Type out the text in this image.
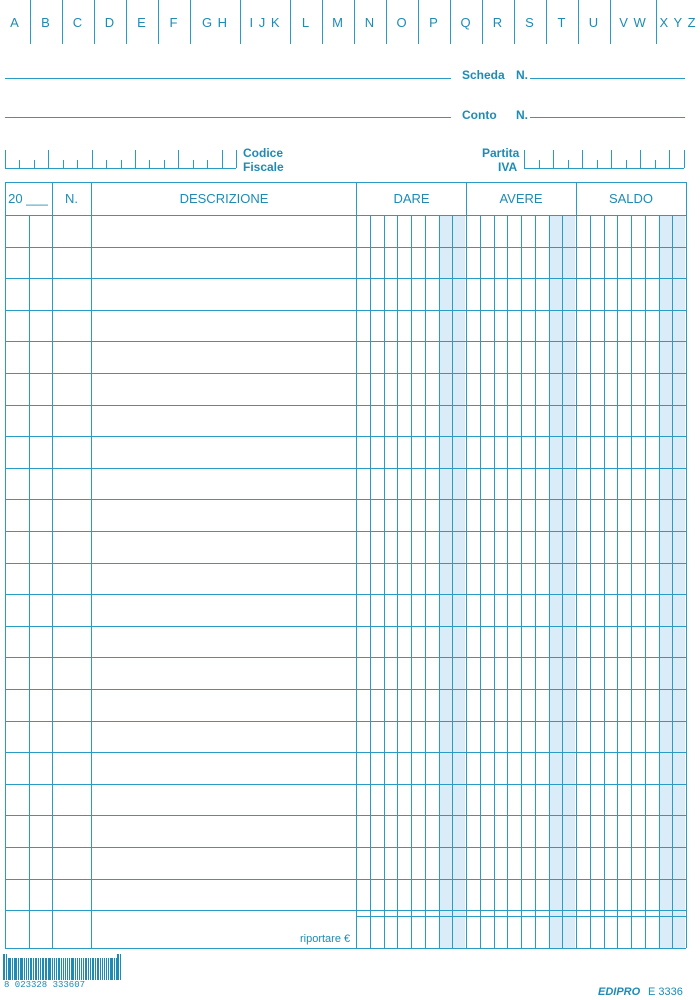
A	B	C	D	E	F	G H	I J K	L	M	N	O	P	Q	R	S	T	U	V W X Y Z
Scheda N.
Conto N.
Codice
Fiscale
Partita
IVA
20 ___	N.	DESCRIZIONE	DARE	AVERE	SALDO
riportare €
8 023328 333607
EDIPRO E 3336
